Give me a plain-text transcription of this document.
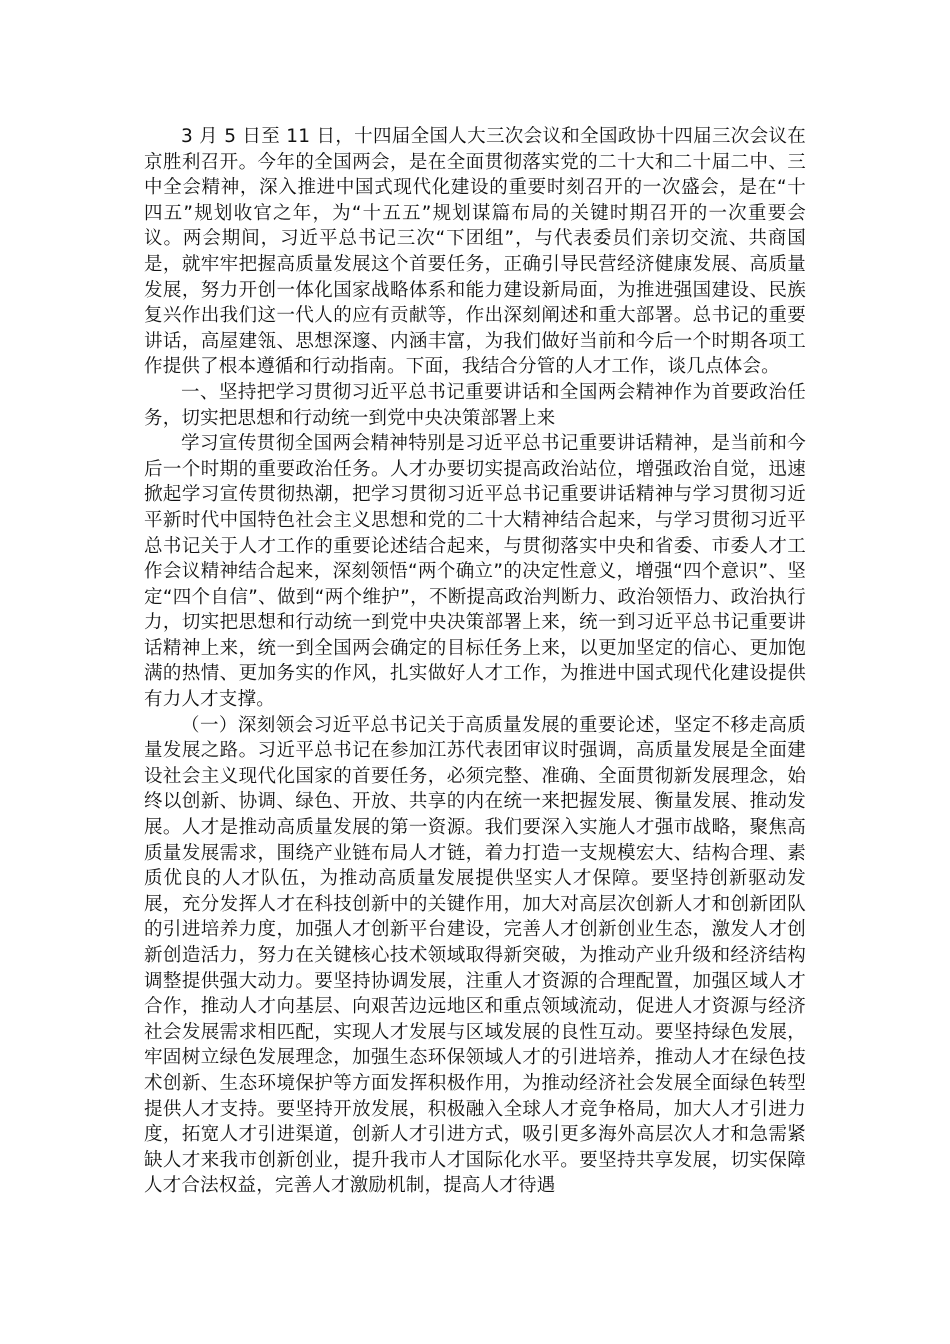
3 月 5 日至 11 日，十四届全国人大三次会议和全国政协十四届三次会议在京胜利召开。今年的全国两会，是在全面贯彻落实党的二十大和二十届二中、三中全会精神，深入推进中国式现代化建设的重要时刻召开的一次盛会，是在“十四五”规划收官之年，为“十五五”规划谋篇布局的关键时期召开的一次重要会议。两会期间，习近平总书记三次“下团组”，与代表委员们亲切交流、共商国是，就牢牢把握高质量发展这个首要任务，正确引导民营经济健康发展、高质量发展，努力开创一体化国家战略体系和能力建设新局面，为推进强国建设、民族复兴作出我们这一代人的应有贡献等，作出深刻阐述和重大部署。总书记的重要讲话，高屋建瓴、思想深邃、内涵丰富，为我们做好当前和今后一个时期各项工作提供了根本遵循和行动指南。下面，我结合分管的人才工作，谈几点体会。

一、坚持把学习贯彻习近平总书记重要讲话和全国两会精神作为首要政治任务，切实把思想和行动统一到党中央决策部署上来

学习宣传贯彻全国两会精神特别是习近平总书记重要讲话精神，是当前和今后一个时期的重要政治任务。人才办要切实提高政治站位，增强政治自觉，迅速掀起学习宣传贯彻热潮，把学习贯彻习近平总书记重要讲话精神与学习贯彻习近平新时代中国特色社会主义思想和党的二十大精神结合起来，与学习贯彻习近平总书记关于人才工作的重要论述结合起来，与贯彻落实中央和省委、市委人才工作会议精神结合起来，深刻领悟“两个确立”的决定性意义，增强“四个意识”、坚定“四个自信”、做到“两个维护”，不断提高政治判断力、政治领悟力、政治执行力，切实把思想和行动统一到党中央决策部署上来，统一到习近平总书记重要讲话精神上来，统一到全国两会确定的目标任务上来，以更加坚定的信心、更加饱满的热情、更加务实的作风，扎实做好人才工作，为推进中国式现代化建设提供有力人才支撑。

（一）深刻领会习近平总书记关于高质量发展的重要论述，坚定不移走高质量发展之路。习近平总书记在参加江苏代表团审议时强调，高质量发展是全面建设社会主义现代化国家的首要任务，必须完整、准确、全面贯彻新发展理念，始终以创新、协调、绿色、开放、共享的内在统一来把握发展、衡量发展、推动发展。人才是推动高质量发展的第一资源。我们要深入实施人才强市战略，聚焦高质量发展需求，围绕产业链布局人才链，着力打造一支规模宏大、结构合理、素质优良的人才队伍，为推动高质量发展提供坚实人才保障。要坚持创新驱动发展，充分发挥人才在科技创新中的关键作用，加大对高层次创新人才和创新团队的引进培养力度，加强人才创新平台建设，完善人才创新创业生态，激发人才创新创造活力，努力在关键核心技术领域取得新突破，为推动产业升级和经济结构调整提供强大动力。要坚持协调发展，注重人才资源的合理配置，加强区域人才合作，推动人才向基层、向艰苦边远地区和重点领域流动，促进人才资源与经济社会发展需求相匹配，实现人才发展与区域发展的良性互动。要坚持绿色发展，牢固树立绿色发展理念，加强生态环保领域人才的引进培养，推动人才在绿色技术创新、生态环境保护等方面发挥积极作用，为推动经济社会发展全面绿色转型提供人才支持。要坚持开放发展，积极融入全球人才竞争格局，加大人才引进力度，拓宽人才引进渠道，创新人才引进方式，吸引更多海外高层次人才和急需紧缺人才来我市创新创业，提升我市人才国际化水平。要坚持共享发展，切实保障人才合法权益，完善人才激励机制，提高人才待遇
